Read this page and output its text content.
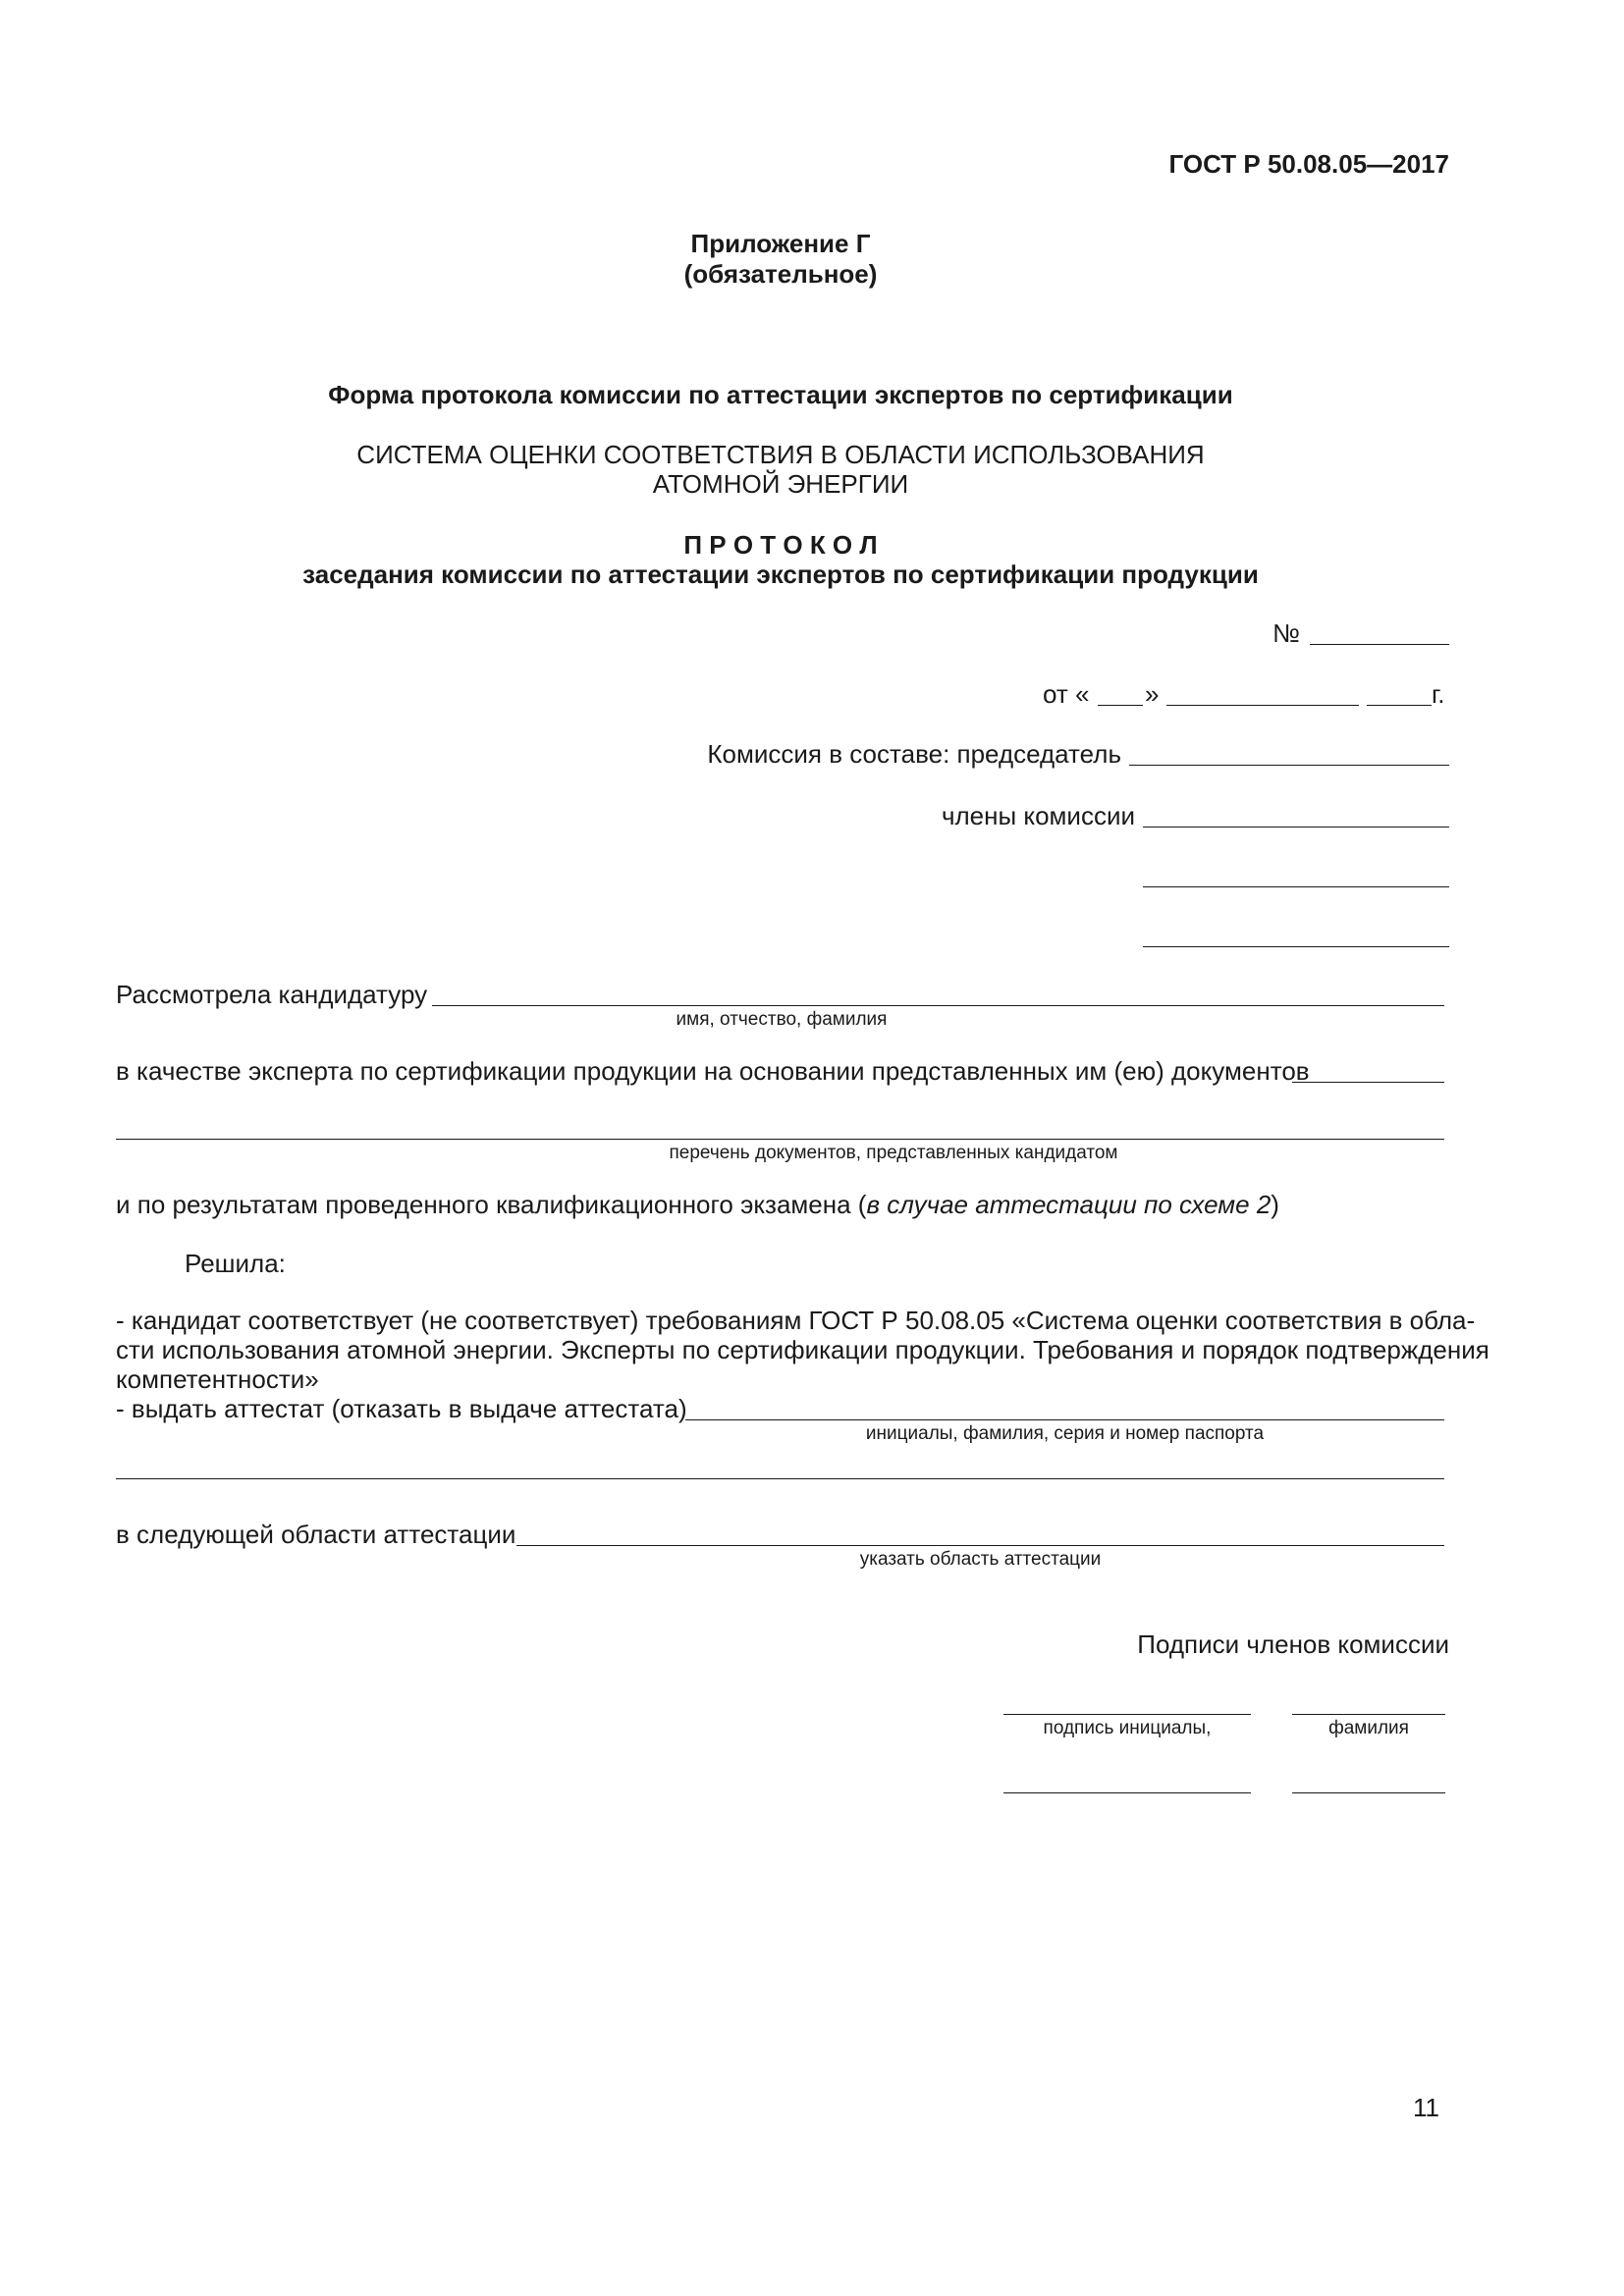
ГОСТ Р 50.08.05—2017
Приложение Г
(обязательное)
Форма протокола комиссии по аттестации экспертов по сертификации
СИСТЕМА ОЦЕНКИ СООТВЕТСТВИЯ В ОБЛАСТИ ИСПОЛЬЗОВАНИЯ
АТОМНОЙ ЭНЕРГИИ
П Р О Т О К О Л
заседания комиссии по аттестации экспертов по сертификации продукции
№
от « »	г.
Комиссия в составе: председатель
члены комиссии
Рассмотрела кандидатуру
имя, отчество, фамилия
в качестве эксперта по сертификации продукции на основании представленных им (ею) документов
перечень документов, представленных кандидатом
и по результатам проведенного квалификационного экзамена (в случае аттестации по схеме 2)
Решила:
- кандидат соответствует (не соответствует) требованиям ГОСТ Р 50.08.05 «Система оценки соответствия в обла-
сти использования атомной энергии. Эксперты по сертификации продукции. Требования и порядок подтверждения
компетентности»
- выдать аттестат (отказать в выдаче аттестата)
инициалы, фамилия, серия и номер паспорта
в следующей области аттестации
указать область аттестации
Подписи членов комиссии
подпись инициалы,	фамилия
11
